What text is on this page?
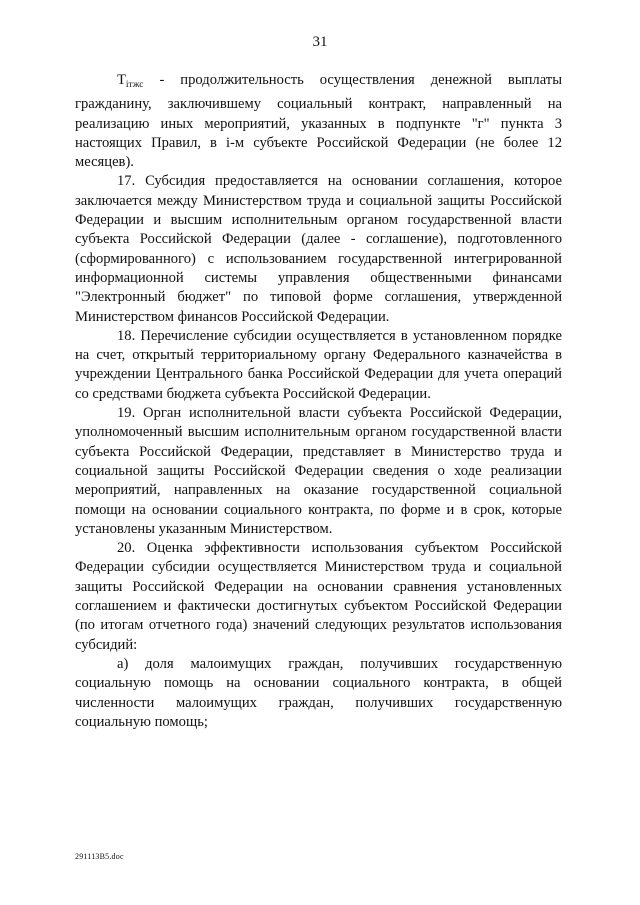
31

$T_{iтжс}$ - продолжительность осуществления денежной выплаты гражданину, заключившему социальный контракт, направленный на реализацию иных мероприятий, указанных в подпункте "г" пункта 3 настоящих Правил, в i-м субъекте Российской Федерации (не более 12 месяцев).

17. Субсидия предоставляется на основании соглашения, которое заключается между Министерством труда и социальной защиты Российской Федерации и высшим исполнительным органом государственной власти субъекта Российской Федерации (далее - соглашение), подготовленного (сформированного) с использованием государственной интегрированной информационной системы управления общественными финансами "Электронный бюджет" по типовой форме соглашения, утвержденной Министерством финансов Российской Федерации.

18. Перечисление субсидии осуществляется в установленном порядке на счет, открытый территориальному органу Федерального казначейства в учреждении Центрального банка Российской Федерации для учета операций со средствами бюджета субъекта Российской Федерации.

19. Орган исполнительной власти субъекта Российской Федерации, уполномоченный высшим исполнительным органом государственной власти субъекта Российской Федерации, представляет в Министерство труда и социальной защиты Российской Федерации сведения о ходе реализации мероприятий, направленных на оказание государственной социальной помощи на основании социального контракта, по форме и в срок, которые установлены указанным Министерством.

20. Оценка эффективности использования субъектом Российской Федерации субсидии осуществляется Министерством труда и социальной защиты Российской Федерации на основании сравнения установленных соглашением и фактически достигнутых субъектом Российской Федерации (по итогам отчетного года) значений следующих результатов использования субсидий:

а) доля малоимущих граждан, получивших государственную социальную помощь на основании социального контракта, в общей численности малоимущих граждан, получивших государственную социальную помощь;

291113B5.doc
